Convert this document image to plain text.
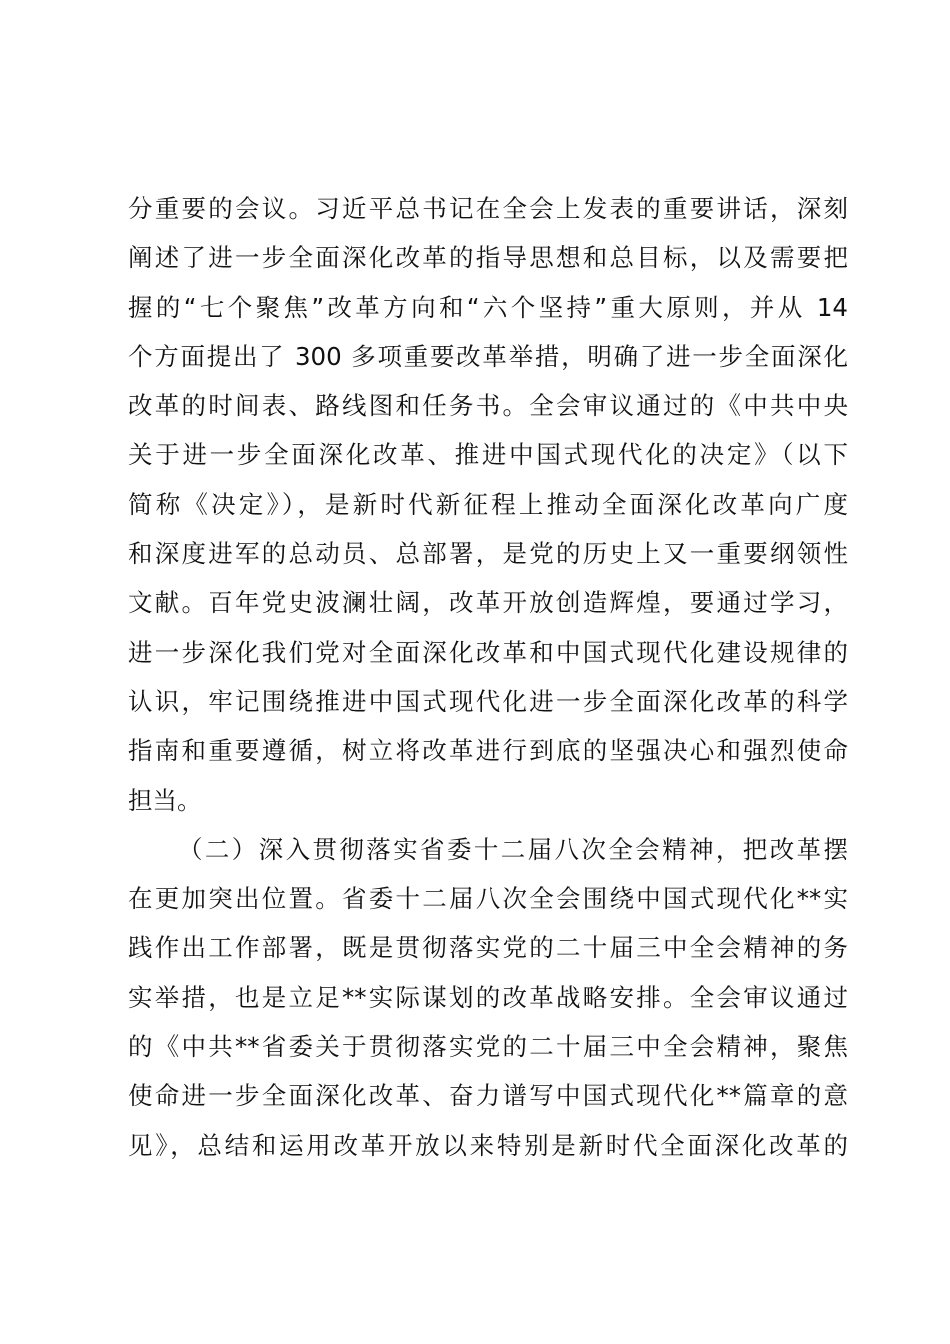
分重要的会议。习近平总书记在全会上发表的重要讲话，深刻
阐述了进一步全面深化改革的指导思想和总目标，以及需要把
握的“七个聚焦”改革方向和“六个坚持”重大原则，并从 14
个方面提出了 300 多项重要改革举措，明确了进一步全面深化
改革的时间表、路线图和任务书。全会审议通过的《中共中央
关于进一步全面深化改革、推进中国式现代化的决定》（以下
简称《决定》），是新时代新征程上推动全面深化改革向广度
和深度进军的总动员、总部署，是党的历史上又一重要纲领性
文献。百年党史波澜壮阔，改革开放创造辉煌，要通过学习，
进一步深化我们党对全面深化改革和中国式现代化建设规律的
认识，牢记围绕推进中国式现代化进一步全面深化改革的科学
指南和重要遵循，树立将改革进行到底的坚强决心和强烈使命
担当。
（二）深入贯彻落实省委十二届八次全会精神，把改革摆
在更加突出位置。省委十二届八次全会围绕中国式现代化**实
践作出工作部署，既是贯彻落实党的二十届三中全会精神的务
实举措，也是立足**实际谋划的改革战略安排。全会审议通过
的《中共**省委关于贯彻落实党的二十届三中全会精神，聚焦
使命进一步全面深化改革、奋力谱写中国式现代化**篇章的意
见》，总结和运用改革开放以来特别是新时代全面深化改革的
